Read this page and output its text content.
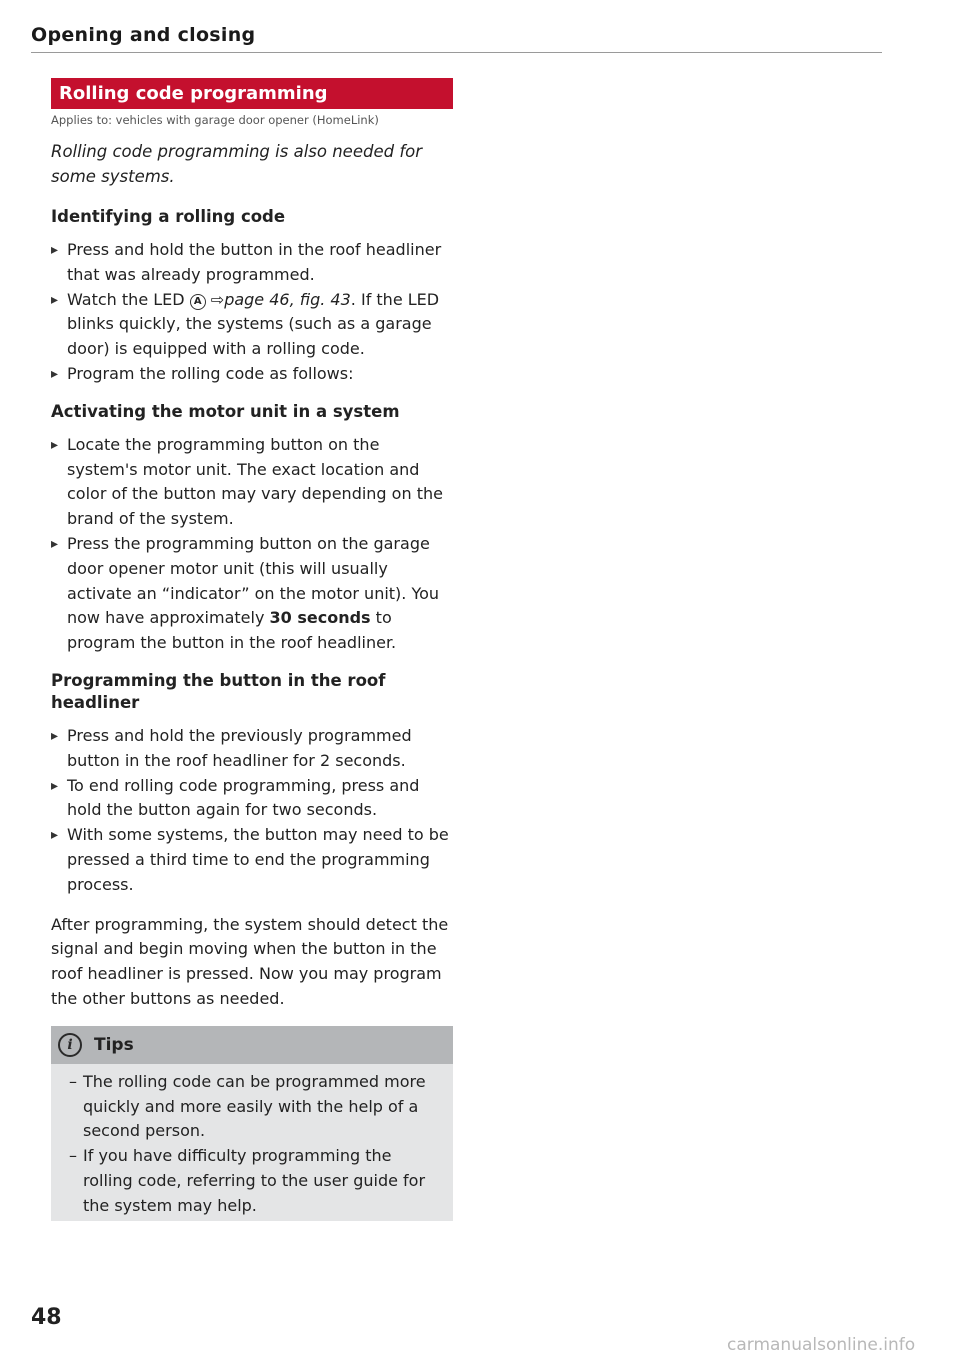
Opening and closing
Rolling code programming
Applies to: vehicles with garage door opener (HomeLink)
Rolling code programming is also needed for some systems.
Identifying a rolling code
▸ Press and hold the button in the roof headliner that was already programmed.
▸ Watch the LED A ⇨page 46, fig. 43. If the LED blinks quickly, the systems (such as a garage door) is equipped with a rolling code.
▸ Program the rolling code as follows:
Activating the motor unit in a system
▸ Locate the programming button on the system's motor unit. The exact location and color of the button may vary depending on the brand of the system.
▸ Press the programming button on the garage door opener motor unit (this will usually activate an “indicator” on the motor unit). You now have approximately 30 seconds to program the button in the roof headliner.
Programming the button in the roof headliner
▸ Press and hold the previously programmed button in the roof headliner for 2 seconds.
▸ To end rolling code programming, press and hold the button again for two seconds.
▸ With some systems, the button may need to be pressed a third time to end the programming process.
After programming, the system should detect the signal and begin moving when the button in the roof headliner is pressed. Now you may program the other buttons as needed.
i	Tips
– The rolling code can be programmed more quickly and more easily with the help of a second person.
– If you have difficulty programming the rolling code, referring to the user guide for the system may help.
48
carmanualsonline.info
